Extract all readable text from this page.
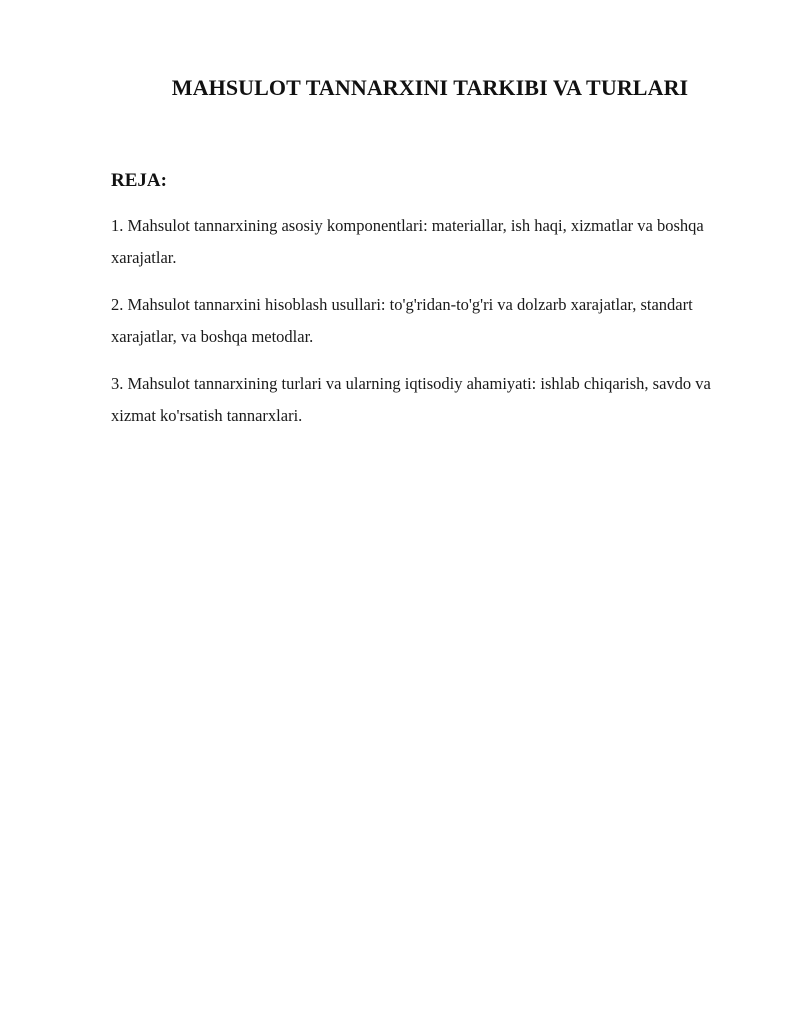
MAHSULOT TANNARXINI TARKIBI VA TURLARI
REJA:
1. Mahsulot tannarxining asosiy komponentlari: materiallar, ish haqi, xizmatlar va boshqa xarajatlar.
2. Mahsulot tannarxini hisoblash usullari: to'g'ridan-to'g'ri va dolzarb xarajatlar, standart xarajatlar, va boshqa metodlar.
3. Mahsulot tannarxining turlari va ularning iqtisodiy ahamiyati: ishlab chiqarish, savdo va xizmat ko'rsatish tannarxlari.
